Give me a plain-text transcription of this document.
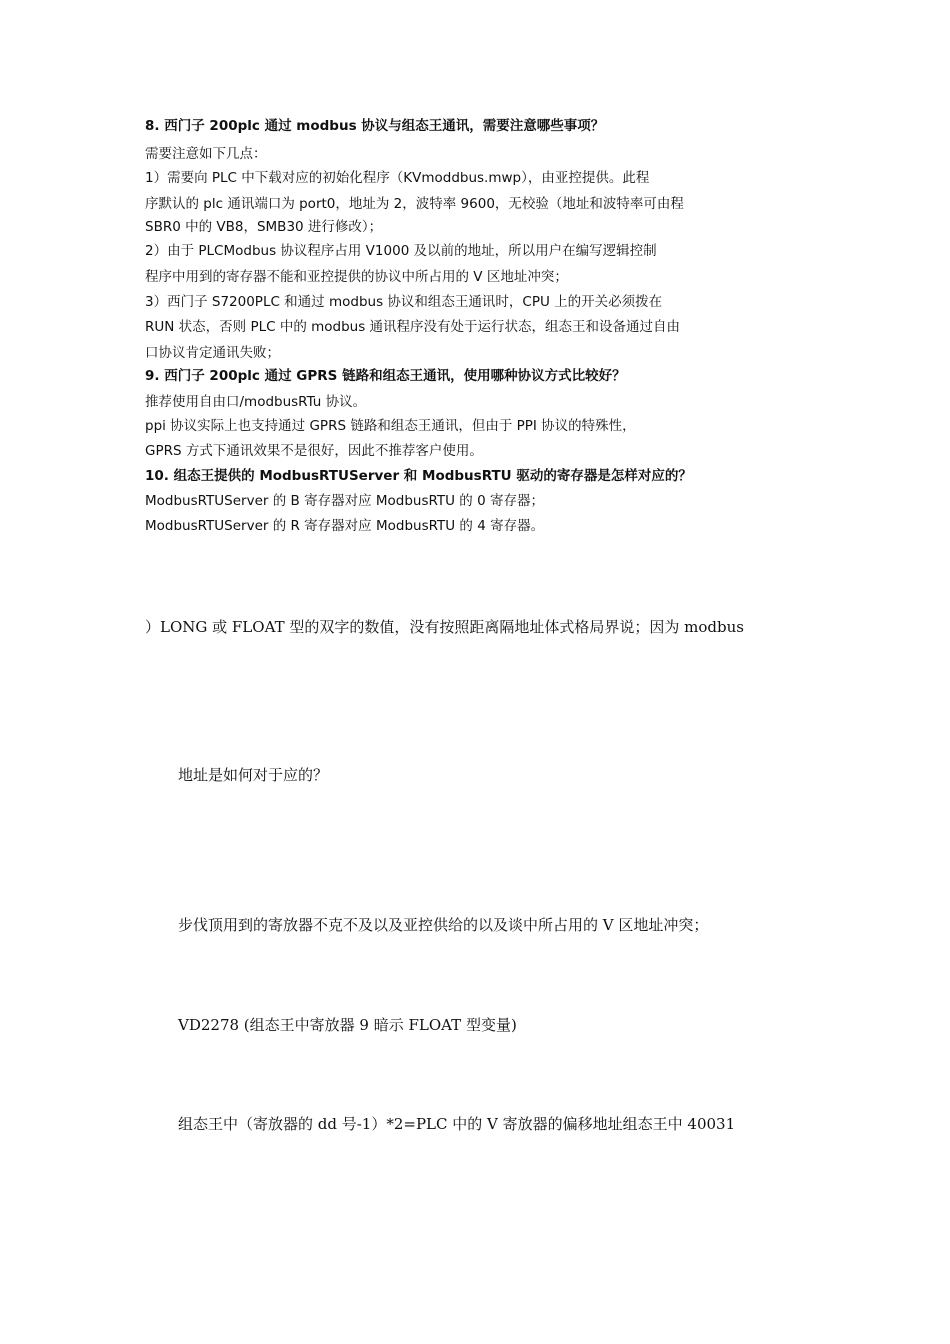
8. 西门子 200plc 通过 modbus 协议与组态王通讯，需要注意哪些事项？
需要注意如下几点：
1）需要向 PLC 中下载对应的初始化程序（KVmoddbus.mwp），由亚控提供。此程
序默认的 plc 通讯端口为 port0，地址为 2，波特率 9600，无校验（地址和波特率可由程
SBR0 中的 VB8，SMB30 进行修改）；
2）由于 PLCModbus 协议程序占用 V1000 及以前的地址，所以用户在编写逻辑控制
程序中用到的寄存器不能和亚控提供的协议中所占用的 V 区地址冲突；
3）西门子 S7200PLC 和通过 modbus 协议和组态王通讯时，CPU 上的开关必须拨在
RUN 状态，否则 PLC 中的 modbus 通讯程序没有处于运行状态，组态王和设备通过自由
口协议肯定通讯失败；
9. 西门子 200plc 通过 GPRS 链路和组态王通讯，使用哪种协议方式比较好？
推荐使用自由口/modbusRTu 协议。
ppi 协议实际上也支持通过 GPRS 链路和组态王通讯，但由于 PPI 协议的特殊性，
GPRS 方式下通讯效果不是很好，因此不推荐客户使用。
10. 组态王提供的 ModbusRTUServer 和 ModbusRTU 驱动的寄存器是怎样对应的？
ModbusRTUServer 的 B 寄存器对应 ModbusRTU 的 0 寄存器；
ModbusRTUServer 的 R 寄存器对应 ModbusRTU 的 4 寄存器。
）LONG 或 FLOAT 型的双字的数值，没有按照距离隔地址体式格局界说；因为 modbus
地址是如何对于应的？
步伐顶用到的寄放器不克不及以及亚控供给的以及谈中所占用的 V 区地址冲突；
VD2278 (组态王中寄放器 9 暗示 FLOAT 型变量)
组态王中（寄放器的 dd 号-1）*2=PLC 中的 V 寄放器的偏移地址组态王中 40031
